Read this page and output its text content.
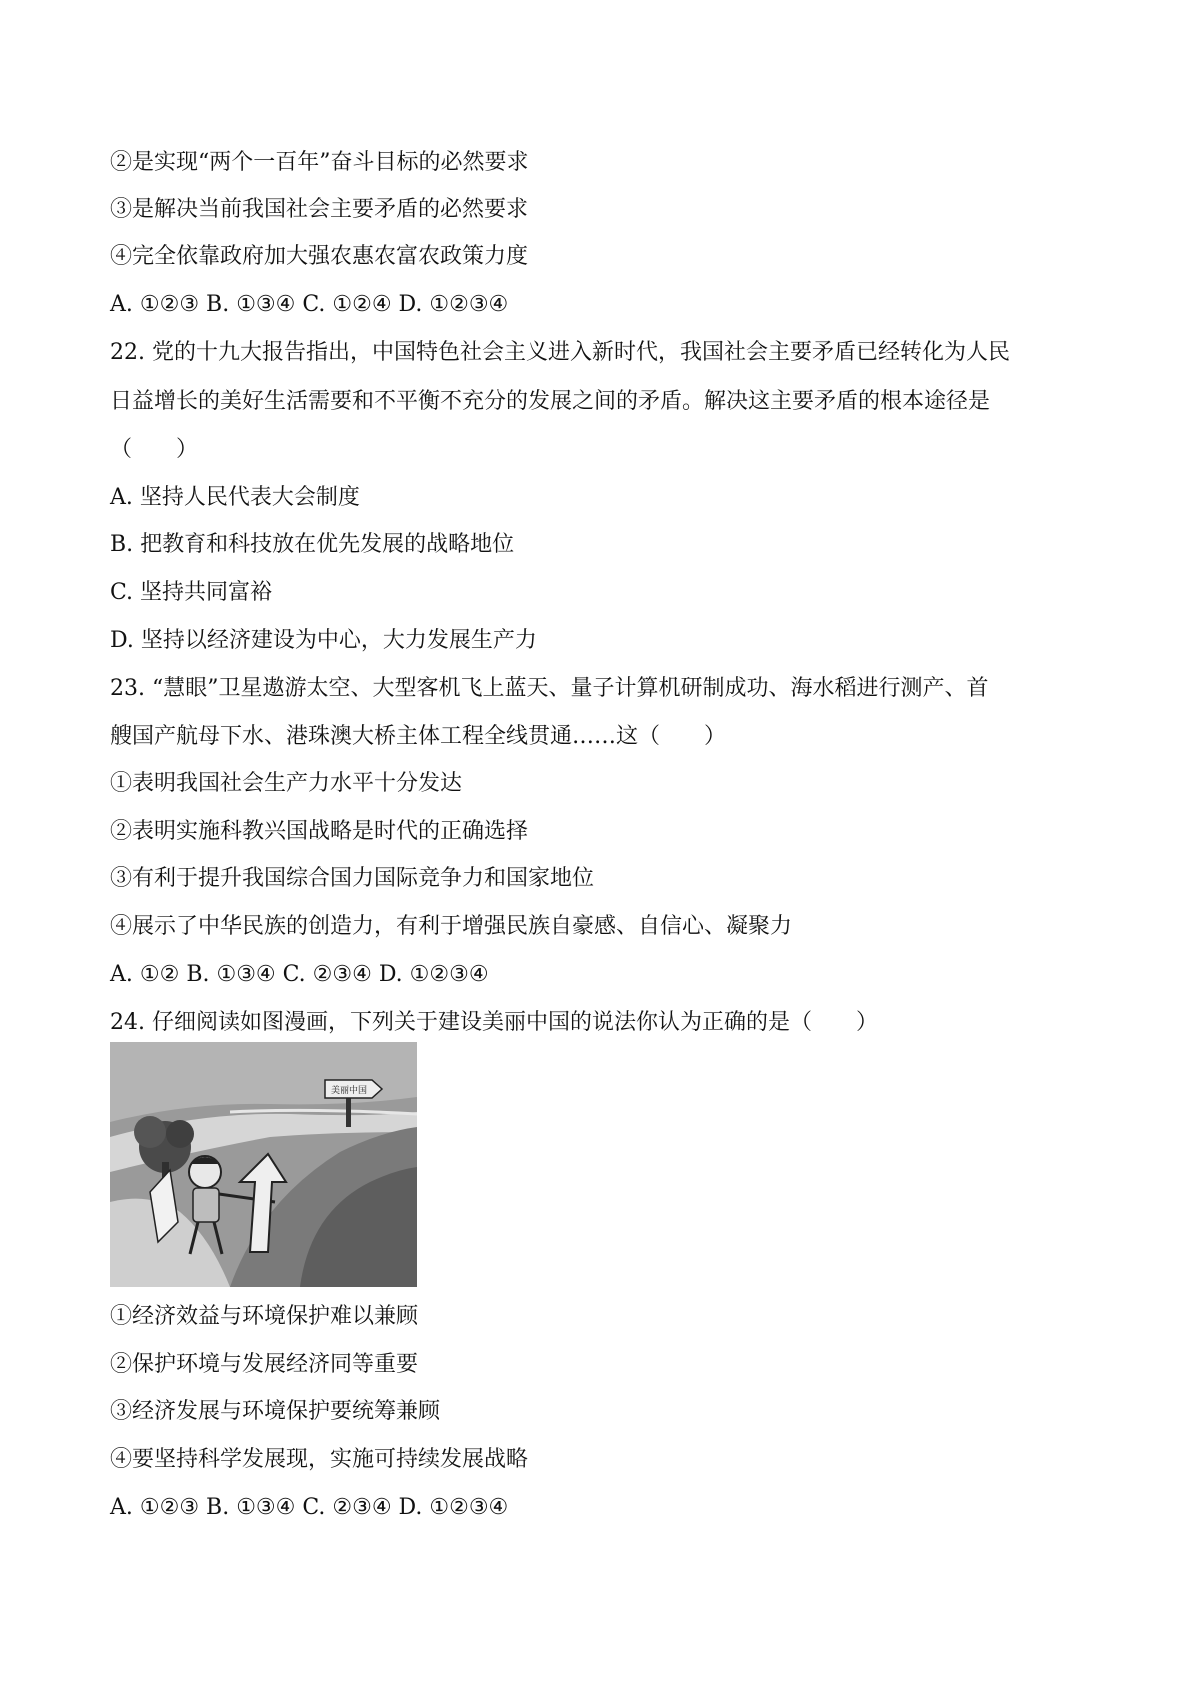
②是实现“两个一百年”奋斗目标的必然要求
③是解决当前我国社会主要矛盾的必然要求
④完全依靠政府加大强农惠农富农政策力度
A. ①②③ B. ①③④ C. ①②④ D. ①②③④
22. 党的十九大报告指出，中国特色社会主义进入新时代，我国社会主要矛盾已经转化为人民
日益增长的美好生活需要和不平衡不充分的发展之间的矛盾。解决这主要矛盾的根本途径是
（　　）
A. 坚持人民代表大会制度
B. 把教育和科技放在优先发展的战略地位
C. 坚持共同富裕
D. 坚持以经济建设为中心，大力发展生产力
23. “慧眼”卫星遨游太空、大型客机飞上蓝天、量子计算机研制成功、海水稻进行测产、首
艘国产航母下水、港珠澳大桥主体工程全线贯通……这（　　）
①表明我国社会生产力水平十分发达
②表明实施科教兴国战略是时代的正确选择
③有利于提升我国综合国力国际竞争力和国家地位
④展示了中华民族的创造力，有利于增强民族自豪感、自信心、凝聚力
A. ①② B. ①③④ C. ②③④ D. ①②③④
24. 仔细阅读如图漫画，下列关于建设美丽中国的说法你认为正确的是（　　）
美丽中国
①经济效益与环境保护难以兼顾
②保护环境与发展经济同等重要
③经济发展与环境保护要统筹兼顾
④要坚持科学发展现，实施可持续发展战略
A. ①②③ B. ①③④ C. ②③④ D. ①②③④
